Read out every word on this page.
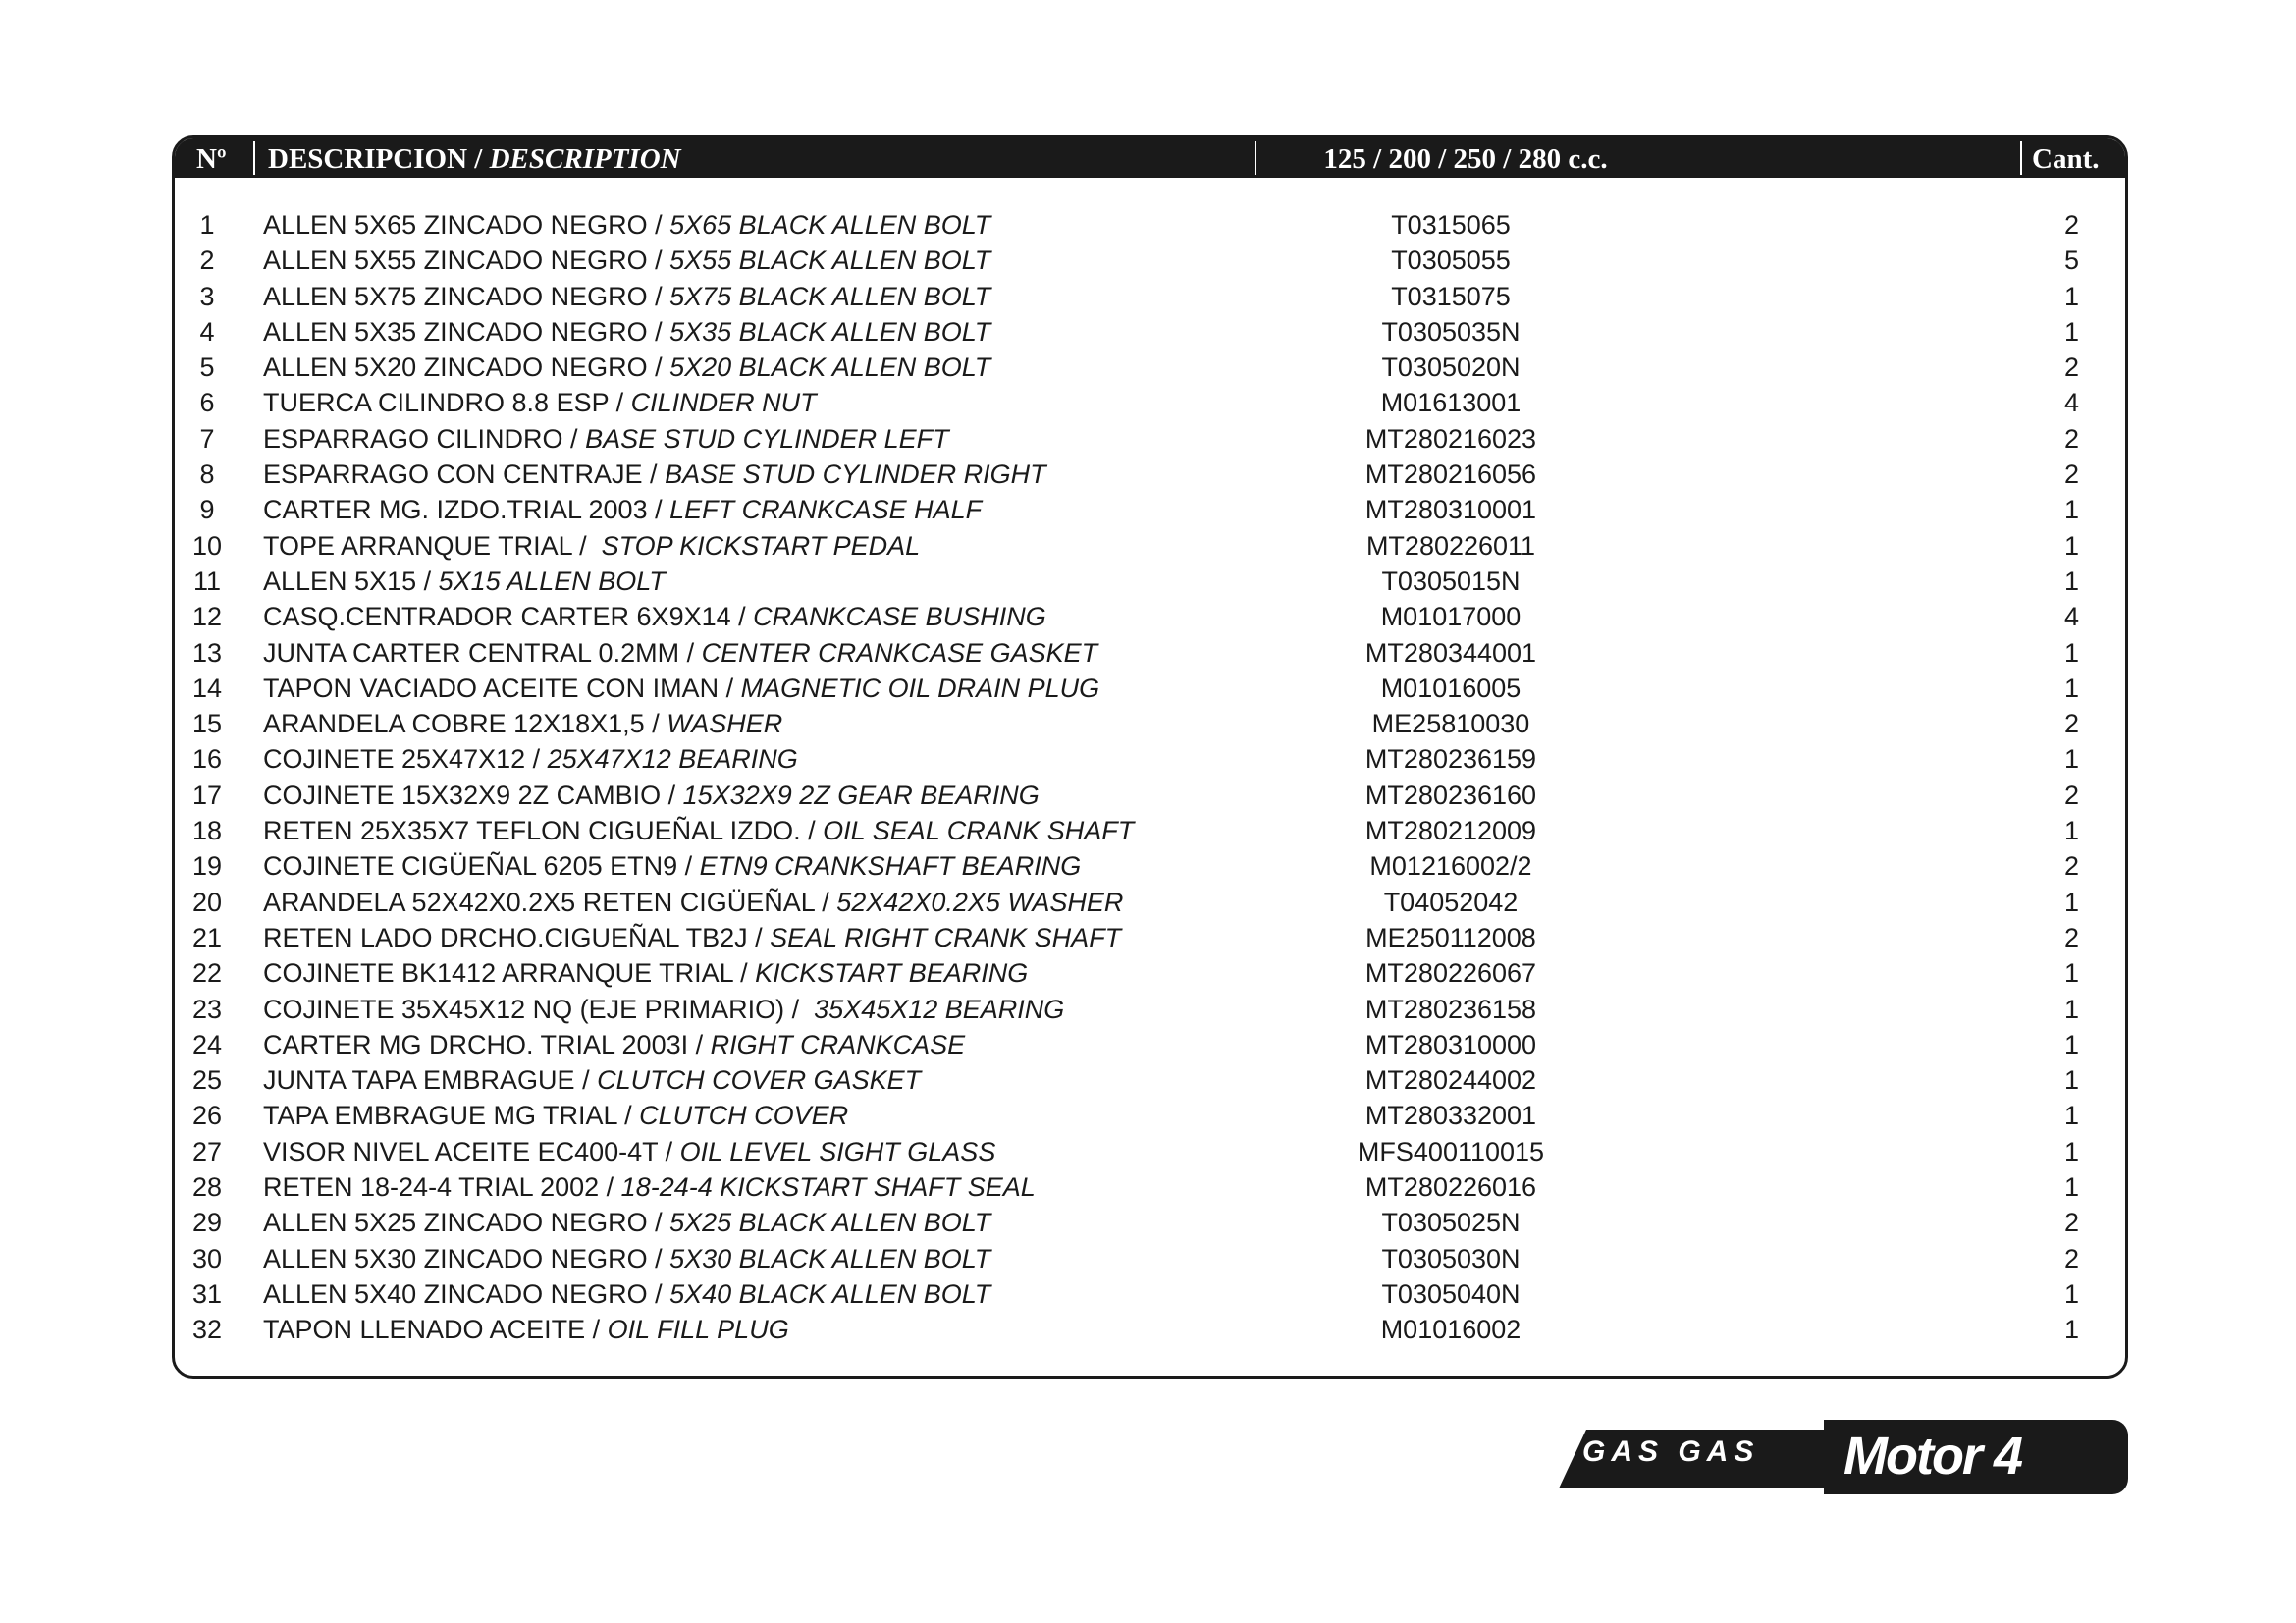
Nº DESCRIPCION / DESCRIPTION	125 / 200 / 250 / 280 c.c.	Cant.
1	ALLEN 5X65 ZINCADO NEGRO / 5X65 BLACK ALLEN BOLT	T0315065	2
2	ALLEN 5X55 ZINCADO NEGRO / 5X55 BLACK ALLEN BOLT	T0305055	5
3	ALLEN 5X75 ZINCADO NEGRO / 5X75 BLACK ALLEN BOLT	T0315075	1
4	ALLEN 5X35 ZINCADO NEGRO / 5X35 BLACK ALLEN BOLT	T0305035N	1
5	ALLEN 5X20 ZINCADO NEGRO / 5X20 BLACK ALLEN BOLT	T0305020N	2
6	TUERCA CILINDRO 8.8 ESP / CILINDER NUT	M01613001	4
7	ESPARRAGO CILINDRO / BASE STUD CYLINDER LEFT	MT280216023	2
8	ESPARRAGO CON CENTRAJE / BASE STUD CYLINDER RIGHT	MT280216056	2
9	CARTER MG. IZDO.TRIAL 2003 / LEFT CRANKCASE HALF	MT280310001	1
10	TOPE ARRANQUE TRIAL /  STOP KICKSTART PEDAL	MT280226011	1
11	ALLEN 5X15 / 5X15 ALLEN BOLT	T0305015N	1
12	CASQ.CENTRADOR CARTER 6X9X14 / CRANKCASE BUSHING	M01017000	4
13	JUNTA CARTER CENTRAL 0.2MM / CENTER CRANKCASE GASKET	MT280344001	1
14	TAPON VACIADO ACEITE CON IMAN / MAGNETIC OIL DRAIN PLUG	M01016005	1
15	ARANDELA COBRE 12X18X1,5 / WASHER	ME25810030	2
16	COJINETE 25X47X12 / 25X47X12 BEARING	MT280236159	1
17	COJINETE 15X32X9 2Z CAMBIO / 15X32X9 2Z GEAR BEARING	MT280236160	2
18	RETEN 25X35X7 TEFLON CIGUEÑAL IZDO. / OIL SEAL CRANK SHAFT	MT280212009	1
19	COJINETE CIGÜEÑAL 6205 ETN9 / ETN9 CRANKSHAFT BEARING	M01216002/2	2
20	ARANDELA 52X42X0.2X5 RETEN CIGÜEÑAL / 52X42X0.2X5 WASHER	T04052042	1
21	RETEN LADO DRCHO.CIGUEÑAL TB2J / SEAL RIGHT CRANK SHAFT	ME250112008	2
22	COJINETE BK1412 ARRANQUE TRIAL / KICKSTART BEARING	MT280226067	1
23	COJINETE 35X45X12 NQ (EJE PRIMARIO) /  35X45X12 BEARING	MT280236158	1
24	CARTER MG DRCHO. TRIAL 2003I / RIGHT CRANKCASE	MT280310000	1
25	JUNTA TAPA EMBRAGUE / CLUTCH COVER GASKET	MT280244002	1
26	TAPA EMBRAGUE MG TRIAL / CLUTCH COVER	MT280332001	1
27	VISOR NIVEL ACEITE EC400-4T / OIL LEVEL SIGHT GLASS	MFS400110015	1
28	RETEN 18-24-4 TRIAL 2002 / 18-24-4 KICKSTART SHAFT SEAL	MT280226016	1
29	ALLEN 5X25 ZINCADO NEGRO / 5X25 BLACK ALLEN BOLT	T0305025N	2
30	ALLEN 5X30 ZINCADO NEGRO / 5X30 BLACK ALLEN BOLT	T0305030N	2
31	ALLEN 5X40 ZINCADO NEGRO / 5X40 BLACK ALLEN BOLT	T0305040N	1
32	TAPON LLENADO ACEITE / OIL FILL PLUG	M01016002	1
GAS GAS Motor 4
